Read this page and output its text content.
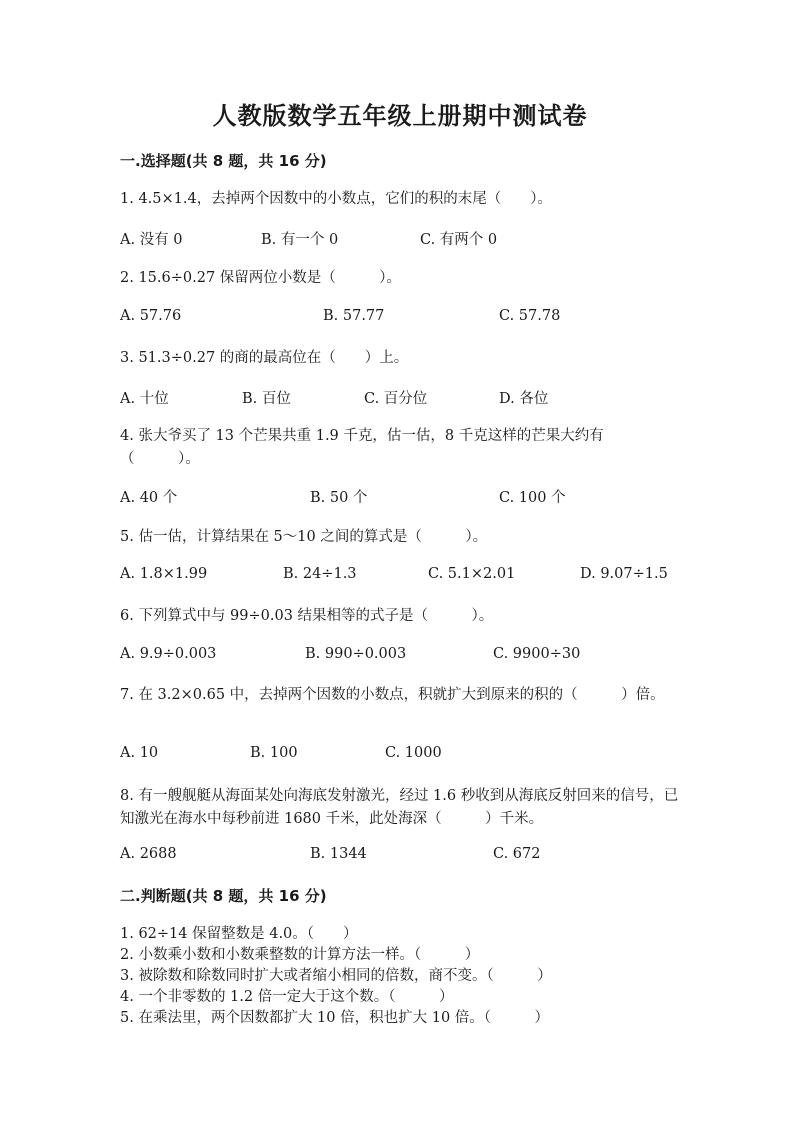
人教版数学五年级上册期中测试卷
一.选择题(共 8 题，共 16 分)
1. 4.5×1.4，去掉两个因数中的小数点，它们的积的末尾（　　）。
A. 没有 0	B. 有一个 0	C. 有两个 0
2. 15.6÷0.27 保留两位小数是（　　　）。
A. 57.76	B. 57.77	C. 57.78
3. 51.3÷0.27 的商的最高位在（　　）上。
A. 十位	B. 百位	C. 百分位	D. 各位
4. 张大爷买了 13 个芒果共重 1.9 千克，估一估，8 千克这样的芒果大约有（　　　）。
A. 40 个	B. 50 个	C. 100 个
5. 估一估，计算结果在 5～10 之间的算式是（　　　）。
A. 1.8×1.99	B. 24÷1.3	C. 5.1×2.01	D. 9.07÷1.5
6. 下列算式中与 99÷0.03 结果相等的式子是（　　　）。
A. 9.9÷0.003	B. 990÷0.003	C. 9900÷30
7. 在 3.2×0.65 中，去掉两个因数的小数点，积就扩大到原来的积的（　　　）倍。
A. 10	B. 100	C. 1000
8. 有一艘舰艇从海面某处向海底发射激光，经过 1.6 秒收到从海底反射回来的信号，已知激光在海水中每秒前进 1680 千米，此处海深（　　　）千米。
A. 2688	B. 1344	C. 672
二.判断题(共 8 题，共 16 分)
1. 62÷14 保留整数是 4.0。（　　）
2. 小数乘小数和小数乘整数的计算方法一样。（　　　）
3. 被除数和除数同时扩大或者缩小相同的倍数，商不变。（　　　）
4. 一个非零数的 1.2 倍一定大于这个数。（　　　）
5. 在乘法里，两个因数都扩大 10 倍，积也扩大 10 倍。（　　　）
